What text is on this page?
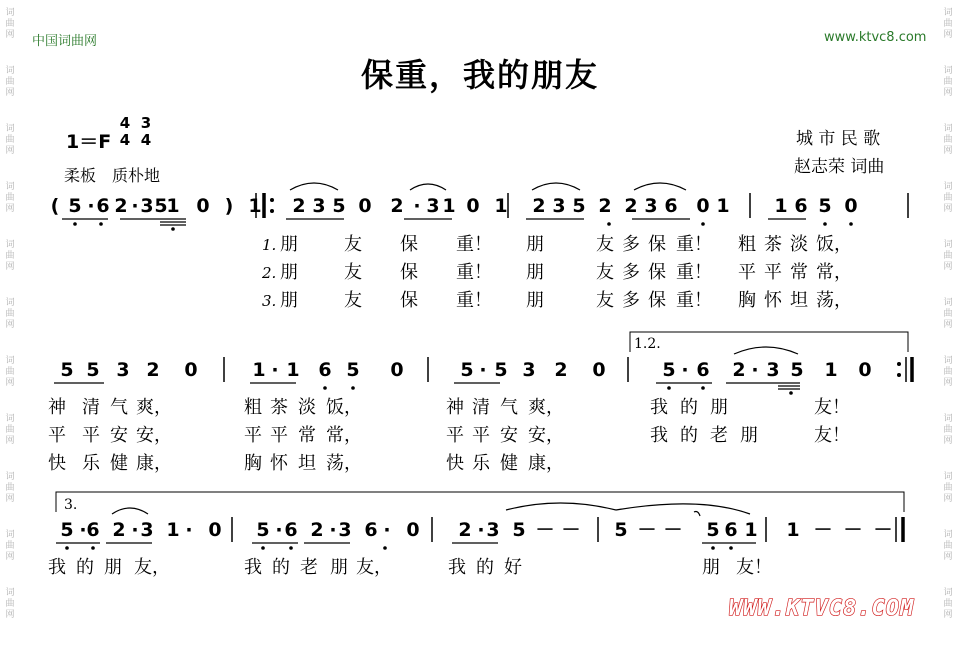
词曲网
词曲网
词曲网
词曲网
词曲网
词曲网
词曲网
词曲网
词曲网
词曲网
词曲网
词曲网
词曲网
词曲网
词曲网
词曲网
词曲网
词曲网
词曲网
词曲网
词曲网
词曲网
中国词曲网	www.ktvc8.com
保重，我的朋友
1＝F
4
4
3
4
柔板　质朴地
城 市 民 歌
赵志荣 词曲
1.2.
3.
1.
2.
3.
( 5 · 6 2 · 3 5
1 0 ) 1	2 3 5 0 2 · 3 1 0 1	2 3 5 2 2 3 6 0 1	1 6 5 0
朋	友 保 重！ 朋	友 多 保 重！ 粗 茶 淡 饭，
朋	友 保 重！ 朋	友 多 保 重！ 平 平 常 常，
朋	友 保 重！ 朋	友 多 保 重！ 胸 怀 坦 荡，
5 5 3 2	0	1 · 1 6 5	0	5 · 5 3 2	0	5 · 6	2 · 3 5	1	0
神 清 气 爽，	粗 茶 淡 饭，	神 清 气 爽，	我 的 朋	友！
平 平 安 安，	平 平 常 常，	平 平 安 安，	我 的 老 朋	友！
快 乐 健 康，	胸 怀 坦 荡，	快 乐 健 康，
5 · 6 2 · 3 1 · 0	5 · 6 2 · 3 6 · 0	2 · 3 5 － －	5 － －	5 6 1	1 － － －
我 的 朋 友，	我 的 老 朋 友，	我 的 好	朋 友！
WWW.KTVC8.COM
